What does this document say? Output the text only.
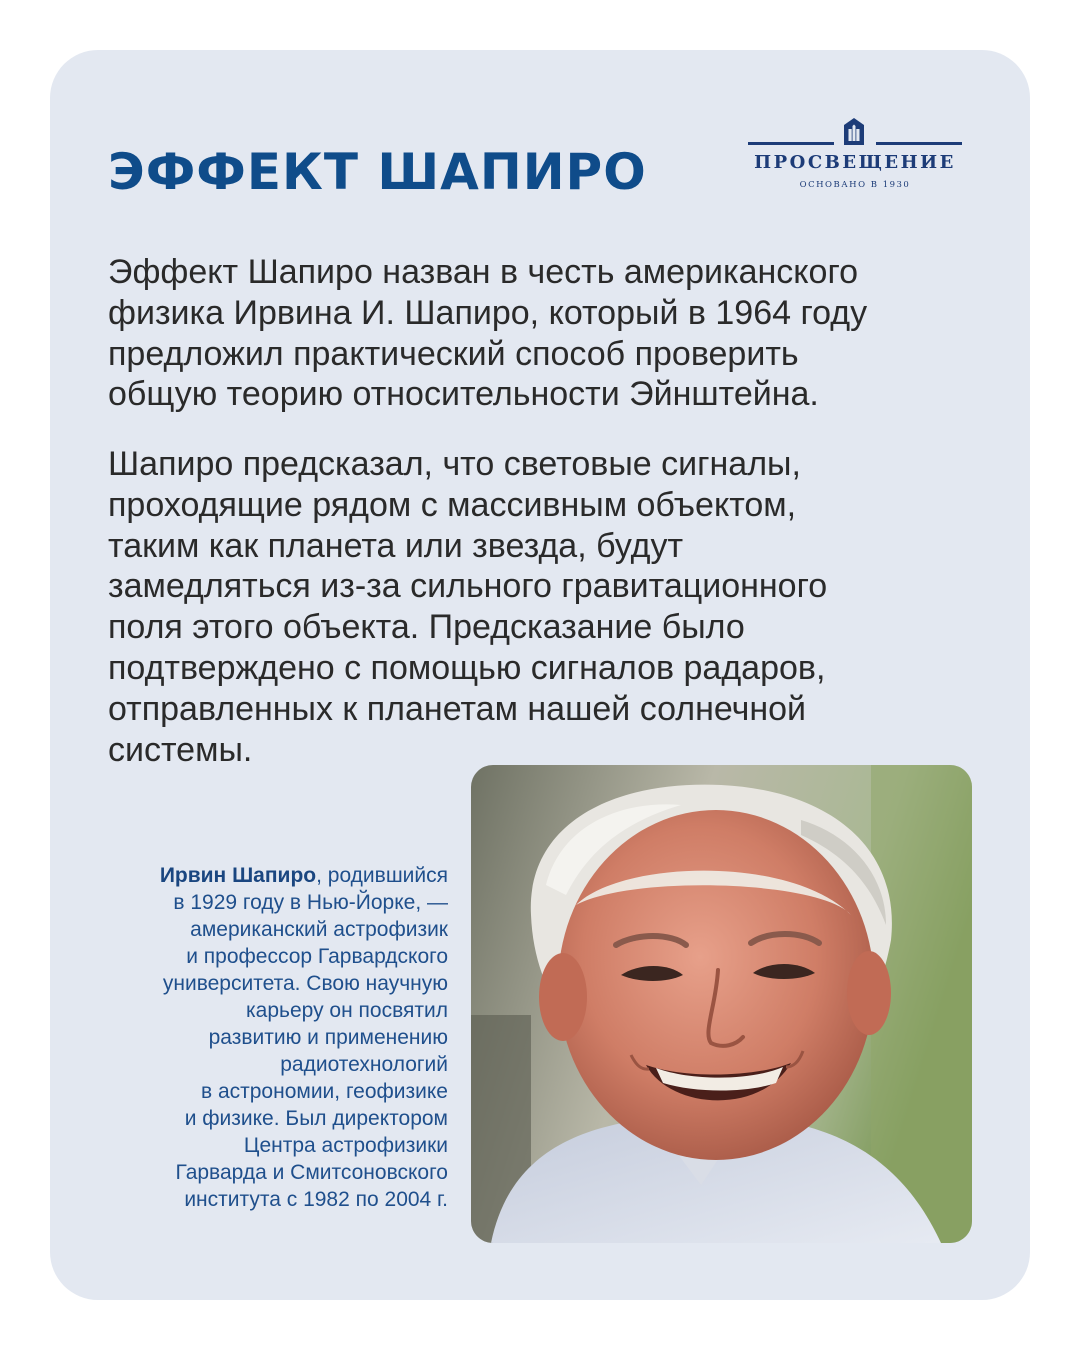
ЭФФЕКТ ШАПИРО	ПРОСВЕЩЕНИЕ
ОСНОВАНО В 1930
Эффект Шапиро назван в честь американского
физика Ирвина И. Шапиро, который в 1964 году
предложил практический способ проверить
общую теорию относительности Эйнштейна.
Шапиро предсказал, что световые сигналы,
проходящие рядом с массивным объектом,
таким как планета или звезда, будут
замедляться из-за сильного гравитационного
поля этого объекта. Предсказание было
подтверждено с помощью сигналов радаров,
отправленных к планетам нашей солнечной
системы.
Ирвин Шапиро, родившийся
в 1929 году в Нью-Йорке, —
американский астрофизик
и профессор Гарвардского
университета. Свою научную
карьеру он посвятил
развитию и применению
радиотехнологий
в астрономии, геофизике
и физике. Был директором
Центра астрофизики
Гарварда и Смитсоновского
института с 1982 по 2004 г.
